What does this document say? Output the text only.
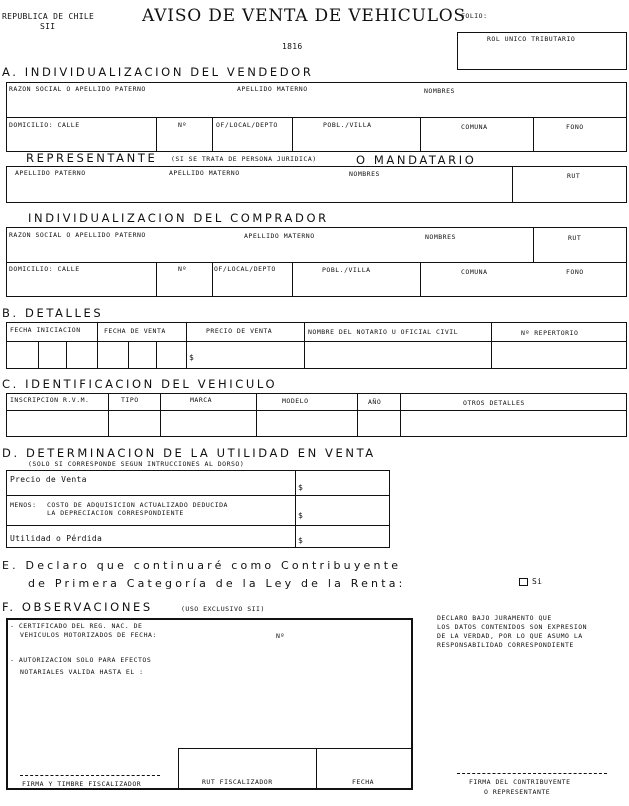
REPUBLICA DE CHILE
SII
AVISO DE VENTA DE VEHICULOS
1816
FOLIO:
ROL UNICO TRIBUTARIO
A. INDIVIDUALIZACION DEL VENDEDOR
RAZON SOCIAL O APELLIDO PATERNO	APELLIDO MATERNO	NOMBRES
DOMICILIO: CALLE	Nº	OF/LOCAL/DEPTO	POBL./VILLA	COMUNA	FONO
REPRESENTANTE (SI SE TRATA DE PERSONA JURIDICA)	O MANDATARIO
APELLIDO PATERNO	APELLIDO MATERNO	NOMBRES	RUT
INDIVIDUALIZACION DEL COMPRADOR
RAZON SOCIAL O APELLIDO PATERNO	APELLIDO MATERNO	NOMBRES	RUT
DOMICILIO: CALLE	Nº	OF/LOCAL/DEPTO	POBL./VILLA	COMUNA	FONO
B. DETALLES
FECHA INICIACION	FECHA DE VENTA	PRECIO DE VENTA	NOMBRE DEL NOTARIO U OFICIAL CIVIL	Nº REPERTORIO
$
C. IDENTIFICACION DEL VEHICULO
INSCRIPCION R.V.M.	TIPO	MARCA	MODELO	AÑO	OTROS DETALLES
D. DETERMINACION DE LA UTILIDAD EN VENTA
(SOLO SI CORRESPONDE SEGUN INTRUCCIONES AL DORSO)
Precio de Venta
$
MENOS: COSTO DE ADQUISICION ACTUALIZADO DEDUCIDA
LA DEPRECIACION CORRESPONDIENTE	$
Utilidad o Pérdida	$
E. Declaro que continuaré como Contribuyente
de Primera Categoría de la Ley de la Renta:	Si
F. OBSERVACIONES	(USO EXCLUSIVO SII)
- CERTIFICADO DEL REG. NAC. DE
VEHICULOS MOTORIZADOS DE FECHA:	Nº
- AUTORIZACION SOLO PARA EFECTOS
NOTARIALES VALIDA HASTA EL :
FIRMA Y TIMBRE FISCALIZADOR	RUT FISCALIZADOR	FECHA
DECLARO BAJO JURAMENTO QUE
LOS DATOS CONTENIDOS SON EXPRESION
DE LA VERDAD, POR LO QUE ASUMO LA
RESPONSABILIDAD CORRESPONDIENTE
FIRMA DEL CONTRIBUYENTE
O REPRESENTANTE
